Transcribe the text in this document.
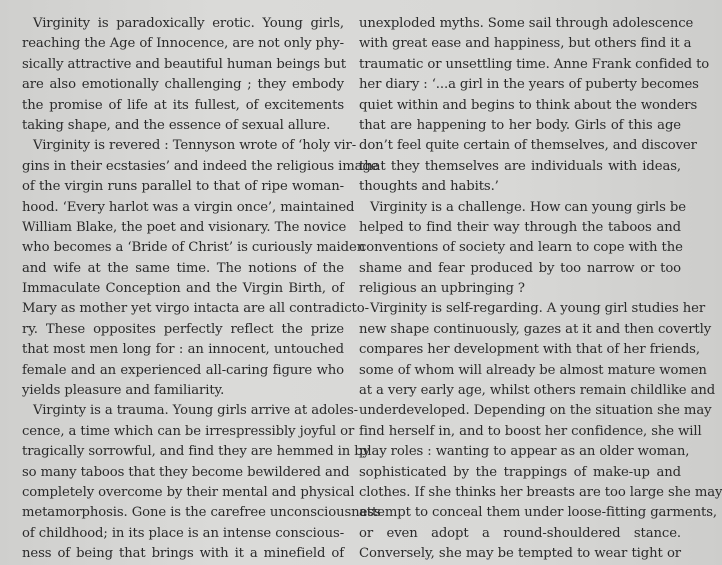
Virginity is paradoxically erotic. Young girls,
reaching the Age of Innocence, are not only phy-
sically attractive and beautiful human beings but
are also emotionally challenging ; they embody
the promise of life at its fullest, of excitements
taking shape, and the essence of sexual allure.
Virginity is revered : Tennyson wrote of ‘holy vir-
gins in their ecstasies’ and indeed the religious image
of the virgin runs parallel to that of ripe woman-
hood. ‘Every harlot was a virgin once’, maintained
William Blake, the poet and visionary. The novice
who becomes a ‘Bride of Christ’ is curiously maiden
and wife at the same time. The notions of the
Immaculate Conception and the Virgin Birth, of
Mary as mother yet virgo intacta are all contradicto-
ry. These opposites perfectly reflect the prize
that most men long for : an innocent, untouched
female and an experienced all-caring figure who
yields pleasure and familiarity.
Virginty is a trauma. Young girls arrive at adoles-
cence, a time which can be irrespressibly joyful or
tragically sorrowful, and find they are hemmed in by
so many taboos that they become bewildered and
completely overcome by their mental and physical
metamorphosis. Gone is the carefree unconsciousness
of childhood; in its place is an intense conscious-
ness of being that brings with it a minefield of
unexploded myths. Some sail through adolescence
with great ease and happiness, but others find it a
traumatic or unsettling time. Anne Frank confided to
her diary : ‘...a girl in the years of puberty becomes
quiet within and begins to think about the wonders
that are happening to her body. Girls of this age
don’t feel quite certain of themselves, and discover
that they themselves are individuals with ideas,
thoughts and habits.’
Virginity is a challenge. How can young girls be
helped to find their way through the taboos and
conventions of society and learn to cope with the
shame and fear produced by too narrow or too
religious an upbringing ?
Virginity is self-regarding. A young girl studies her
new shape continuously, gazes at it and then covertly
compares her development with that of her friends,
some of whom will already be almost mature women
at a very early age, whilst others remain childlike and
underdeveloped. Depending on the situation she may
find herself in, and to boost her confidence, she will
play roles : wanting to appear as an older woman,
sophisticated by the trappings of make-up and
clothes. If she thinks her breasts are too large she may
attempt to conceal them under loose-fitting garments,
or even adopt a round-shouldered stance.
Conversely, she may be tempted to wear tight or
